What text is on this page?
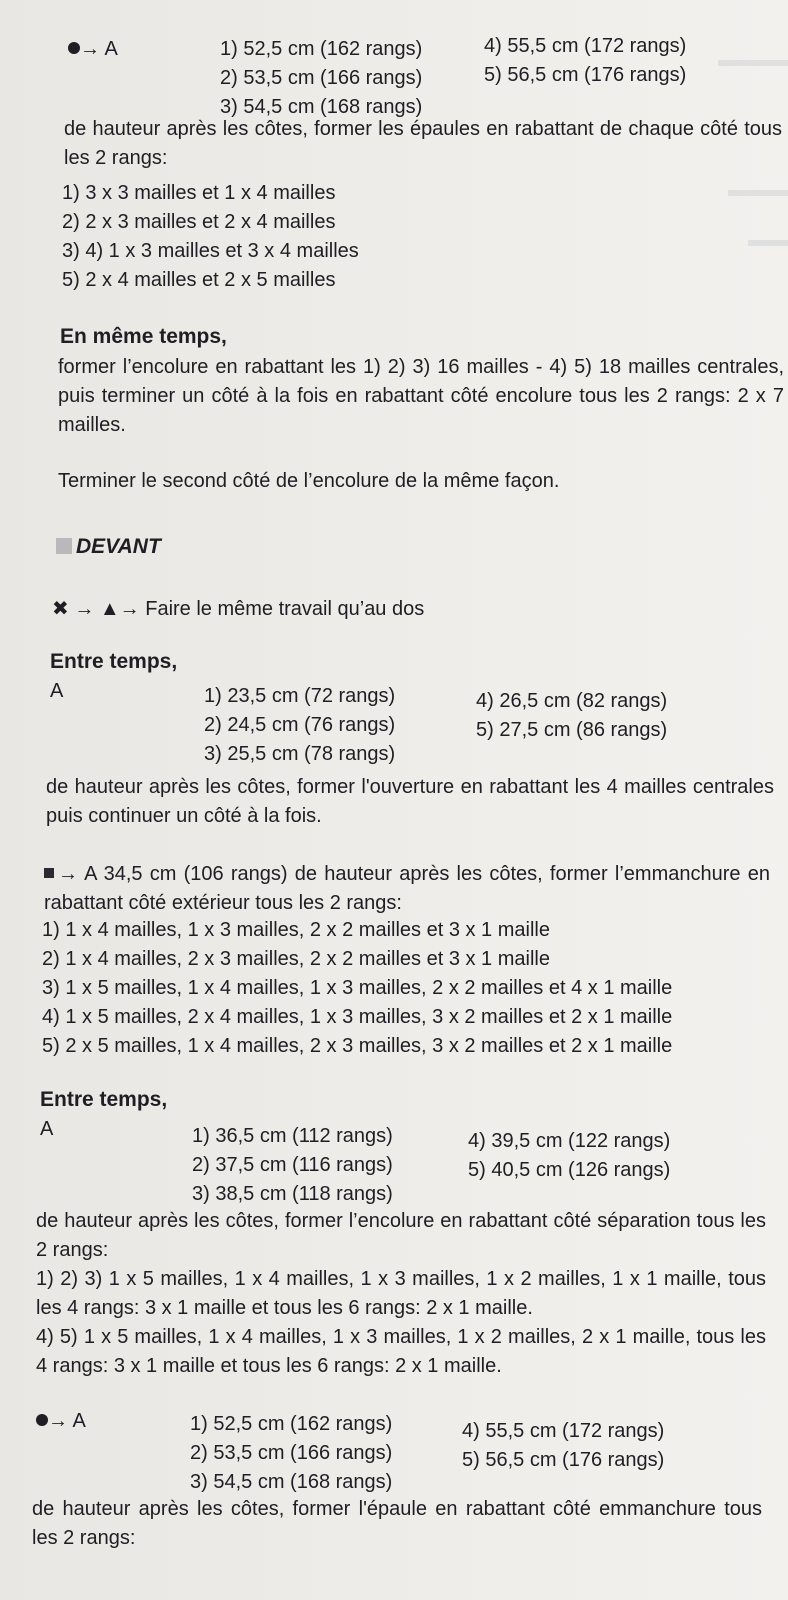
→ A	1) 52,5 cm (162 rangs)
2) 53,5 cm (166 rangs)
3) 54,5 cm (168 rangs)
4) 55,5 cm (172 rangs)
5) 56,5 cm (176 rangs)
de hauteur après les côtes, former les épaules en rabattant de chaque côté tous les 2 rangs:
1) 3 x 3 mailles et 1 x 4 mailles
2) 2 x 3 mailles et 2 x 4 mailles
3) 4) 1 x 3 mailles et 3 x 4 mailles
5) 2 x 4 mailles et 2 x 5 mailles
En même temps,
former l’encolure en rabattant les 1) 2) 3) 16 mailles - 4) 5) 18 mailles centrales, puis terminer un côté à la fois en rabattant côté encolure tous les 2 rangs: 2 x 7 mailles.
Terminer le second côté de l’encolure de la même façon.
DEVANT
✖ → ▲→ Faire le même travail qu’au dos
Entre temps,
A	1) 23,5 cm (72 rangs)
2) 24,5 cm (76 rangs)
3) 25,5 cm (78 rangs)
4) 26,5 cm (82 rangs)
5) 27,5 cm (86 rangs)
de hauteur après les côtes, former l'ouverture en rabattant les 4 mailles centrales puis continuer un côté à la fois.
→ A 34,5 cm (106 rangs) de hauteur après les côtes, former l’emmanchure en rabattant côté extérieur tous les 2 rangs:
1) 1 x 4 mailles, 1 x 3 mailles, 2 x 2 mailles et 3 x 1 maille
2) 1 x 4 mailles, 2 x 3 mailles, 2 x 2 mailles et 3 x 1 maille
3) 1 x 5 mailles, 1 x 4 mailles, 1 x 3 mailles, 2 x 2 mailles et 4 x 1 maille
4) 1 x 5 mailles, 2 x 4 mailles, 1 x 3 mailles, 3 x 2 mailles et 2 x 1 maille
5) 2 x 5 mailles, 1 x 4 mailles, 2 x 3 mailles, 3 x 2 mailles et 2 x 1 maille
Entre temps,
A	1) 36,5 cm (112 rangs)
2) 37,5 cm (116 rangs)
3) 38,5 cm (118 rangs)
4) 39,5 cm (122 rangs)
5) 40,5 cm (126 rangs)
de hauteur après les côtes, former l’encolure en rabattant côté séparation tous les 2 rangs:
1) 2) 3) 1 x 5 mailles, 1 x 4 mailles, 1 x 3 mailles, 1 x 2 mailles, 1 x 1 maille, tous les 4 rangs: 3 x 1 maille et tous les 6 rangs: 2 x 1 maille.
4) 5) 1 x 5 mailles, 1 x 4 mailles, 1 x 3 mailles, 1 x 2 mailles, 2 x 1 maille, tous les 4 rangs: 3 x 1 maille et tous les 6 rangs: 2 x 1 maille.
→ A	1) 52,5 cm (162 rangs)
2) 53,5 cm (166 rangs)
3) 54,5 cm (168 rangs)
4) 55,5 cm (172 rangs)
5) 56,5 cm (176 rangs)
de hauteur après les côtes, former l'épaule en rabattant côté emmanchure tous les 2 rangs:
